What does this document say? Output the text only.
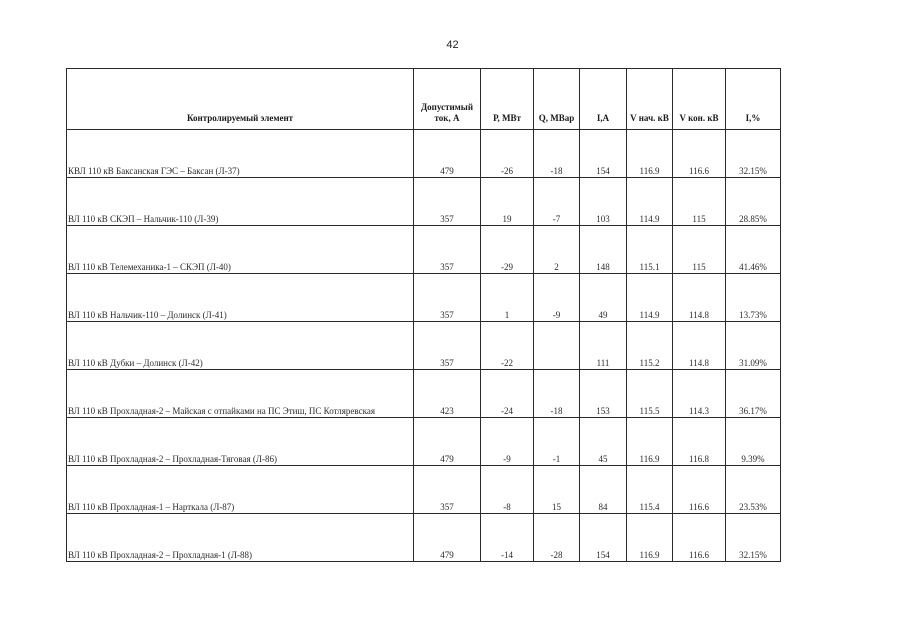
42
Контролируемый элемент	Допустимый ток, А	Р, МВт	Q, МВар	I,A	V нач. кВ	V кон. кВ	I,%
КВЛ 110 кВ Баксанская ГЭС – Баксан (Л-37)	479	-26	-18	154	116.9	116.6	32.15%
ВЛ 110 кВ СКЭП – Нальчик-110 (Л-39)	357	19	-7	103	114.9	115	28.85%
ВЛ 110 кВ Телемеханика-1 – СКЭП (Л-40)	357	-29	2	148	115.1	115	41.46%
ВЛ 110 кВ Нальчик-110 – Долинск (Л-41)	357	1	-9	49	114.9	114.8	13.73%
ВЛ 110 кВ Дубки – Долинск (Л-42)	357	-22		111	115.2	114.8	31.09%
ВЛ 110 кВ Прохладная-2 – Майская с отпайками на ПС Этиш, ПС Котляревская	423	-24	-18	153	115.5	114.3	36.17%
ВЛ 110 кВ Прохладная-2 – Прохладная-Тяговая (Л-86)	479	-9	-1	45	116.9	116.8	9.39%
ВЛ 110 кВ Прохладная-1 – Нарткала (Л-87)	357	-8	15	84	115.4	116.6	23.53%
ВЛ 110 кВ Прохладная-2 – Прохладная-1 (Л-88)	479	-14	-28	154	116.9	116.6	32.15%
